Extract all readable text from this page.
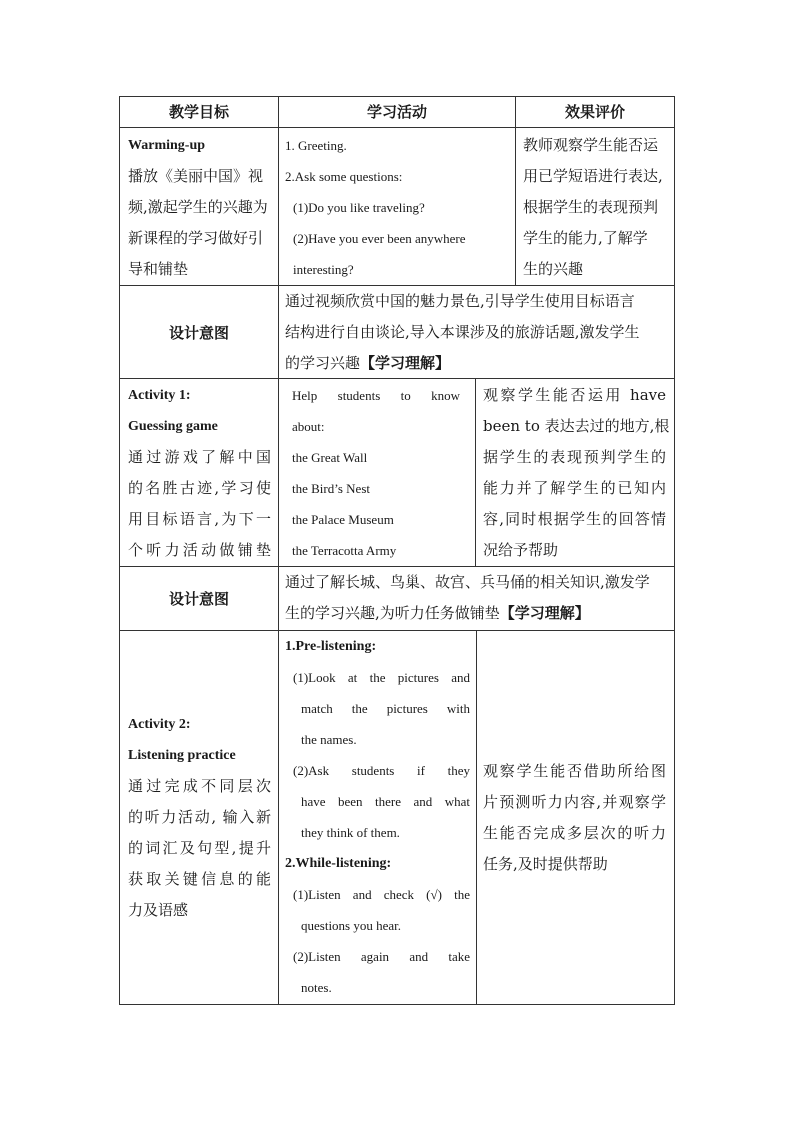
教学目标	学习活动	效果评价
Warming-up
播放《美丽中国》视
频,激起学生的兴趣为
新课程的学习做好引
导和铺垫
1. Greeting.
2.Ask some questions:
(1)Do you like traveling?
(2)Have you ever been anywhere
interesting?
教师观察学生能否运
用已学短语进行表达,
根据学生的表现预判
学生的能力,了解学
生的兴趣
设计意图
通过视频欣赏中国的魅力景色,引导学生使用目标语言
结构进行自由谈论,导入本课涉及的旅游话题,激发学生
的学习兴趣【学习理解】
Activity 1:
Guessing game
通过游戏了解中国
的名胜古迹,学习使
用目标语言,为下一
个听力活动做铺垫
Help students to know
about:
the Great Wall
the Bird’s Nest
the Palace Museum
the Terracotta Army
观察学生能否运用 have
been to 表达去过的地方,根
据学生的表现预判学生的
能力并了解学生的已知内
容,同时根据学生的回答情
况给予帮助
设计意图
通过了解长城、鸟巢、故宫、兵马俑的相关知识,激发学
生的学习兴趣,为听力任务做铺垫【学习理解】
Activity 2:
Listening practice
通过完成不同层次
的听力活动, 输入新
的词汇及句型,提升
获取关键信息的能
力及语感
1.Pre-listening:
(1)Look at the pictures and
match the pictures with
the names.
(2)Ask students if they
have been there and what
they think of them.
2.While-listening:
(1)Listen and check (√) the
questions you hear.
(2)Listen again and take
notes.
观察学生能否借助所给图
片预测听力内容,并观察学
生能否完成多层次的听力
任务,及时提供帮助
